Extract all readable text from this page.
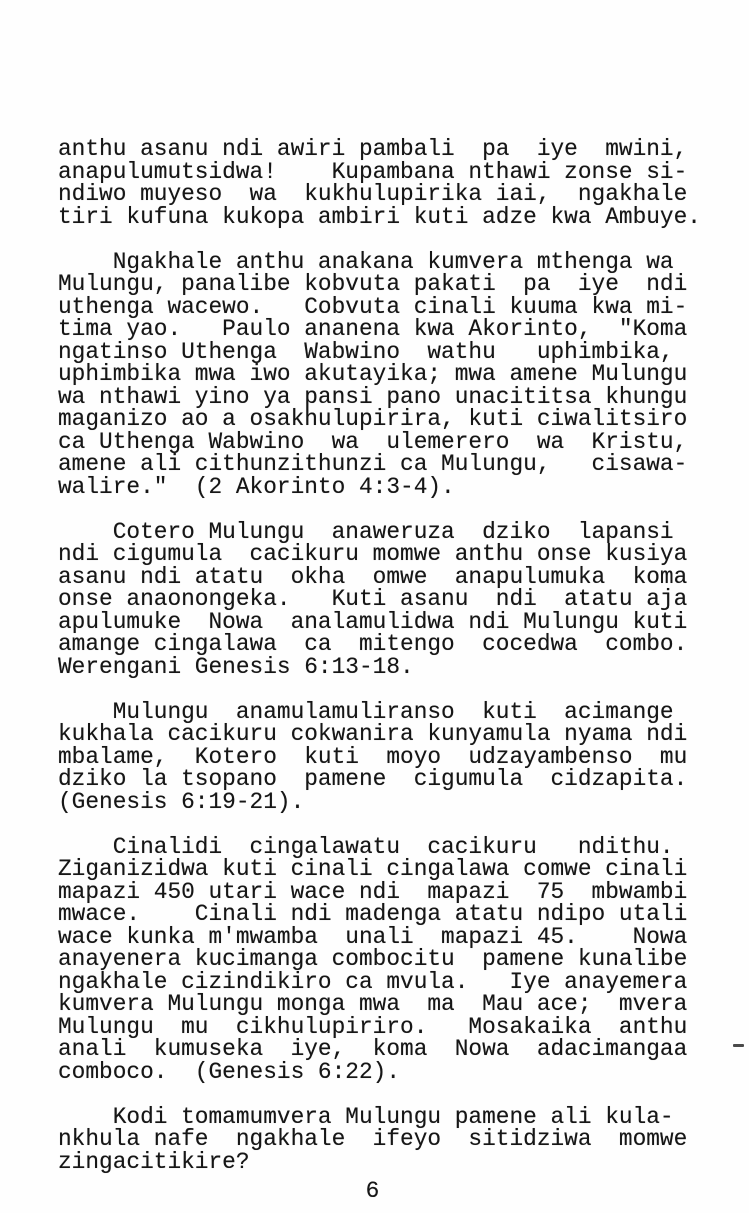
anthu asanu ndi awiri pambali  pa  iye  mwini,
anapulumutsidwa!    Kupambana nthawi zonse si-
ndiwo muyeso  wa  kukhulupirika iai,  ngakhale
tiri kufuna kukopa ambiri kuti adze kwa Ambuye.
Ngakhale anthu anakana kumvera mthenga wa
Mulungu, panalibe kobvuta pakati  pa  iye  ndi
uthenga wacewo.   Cobvuta cinali kuuma kwa mi-
tima yao.   Paulo ananena kwa Akorinto,  "Koma
ngatinso Uthenga  Wabwino  wathu   uphimbika,
uphimbika mwa iwo akutayika; mwa amene Mulungu
wa nthawi yino ya pansi pano unacititsa khungu
maganizo ao a osakhulupirira, kuti ciwalitsiro
ca Uthenga Wabwino  wa  ulemerero  wa  Kristu,
amene ali cithunzithunzi ca Mulungu,   cisawa-
walire."  (2 Akorinto 4:3-4).
Cotero Mulungu  anaweruza  dziko  lapansi
ndi cigumula  cacikuru momwe anthu onse kusiya
asanu ndi atatu  okha  omwe  anapulumuka  koma
onse anaonongeka.   Kuti asanu  ndi  atatu aja
apulumuke  Nowa  analamulidwa ndi Mulungu kuti
amange cingalawa  ca  mitengo  cocedwa  combo.
Werengani Genesis 6:13-18.
Mulungu  anamulamuliranso  kuti  acimange
kukhala cacikuru cokwanira kunyamula nyama ndi
mbalame,  Kotero  kuti  moyo  udzayambenso  mu
dziko la tsopano  pamene  cigumula  cidzapita.
(Genesis 6:19-21).
Cinalidi  cingalawatu  cacikuru   ndithu.
Ziganizidwa kuti cinali cingalawa comwe cinali
mapazi 450 utari wace ndi  mapazi  75  mbwambi
mwace.    Cinali ndi madenga atatu ndipo utali
wace kunka m'mwamba  unali  mapazi 45.    Nowa
anayenera kucimanga combocitu  pamene kunalibe
ngakhale cizindikiro ca mvula.   Iye anayemera
kumvera Mulungu monga mwa  ma  Mau ace;  mvera
Mulungu  mu  cikhulupiriro.   Mosakaika  anthu
anali  kumuseka  iye,  koma  Nowa  adacimangaa
comboco.  (Genesis 6:22).
Kodi tomamumvera Mulungu pamene ali kula-
nkhula nafe  ngakhale  ifeyo  sitidziwa  momwe
zingacitikire?
6
